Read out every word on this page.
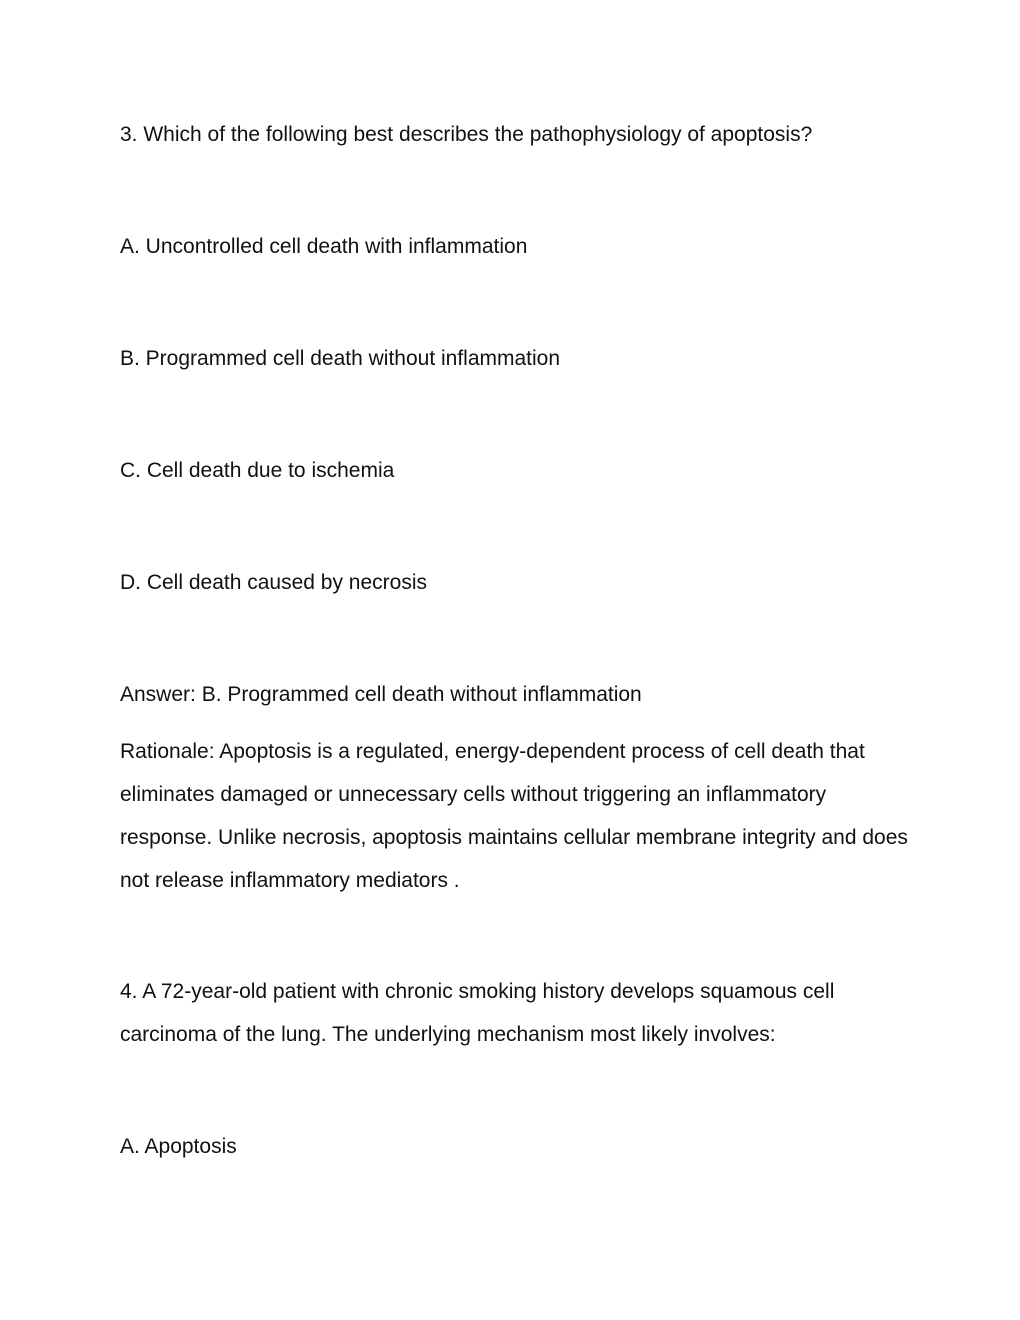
3. Which of the following best describes the pathophysiology of apoptosis?
A. Uncontrolled cell death with inflammation
B. Programmed cell death without inflammation
C. Cell death due to ischemia
D. Cell death caused by necrosis
Answer: B. Programmed cell death without inflammation
Rationale: Apoptosis is a regulated, energy-dependent process of cell death that eliminates damaged or unnecessary cells without triggering an inflammatory response. Unlike necrosis, apoptosis maintains cellular membrane integrity and does not release inflammatory mediators .
4. A 72-year-old patient with chronic smoking history develops squamous cell carcinoma of the lung. The underlying mechanism most likely involves:
A. Apoptosis
